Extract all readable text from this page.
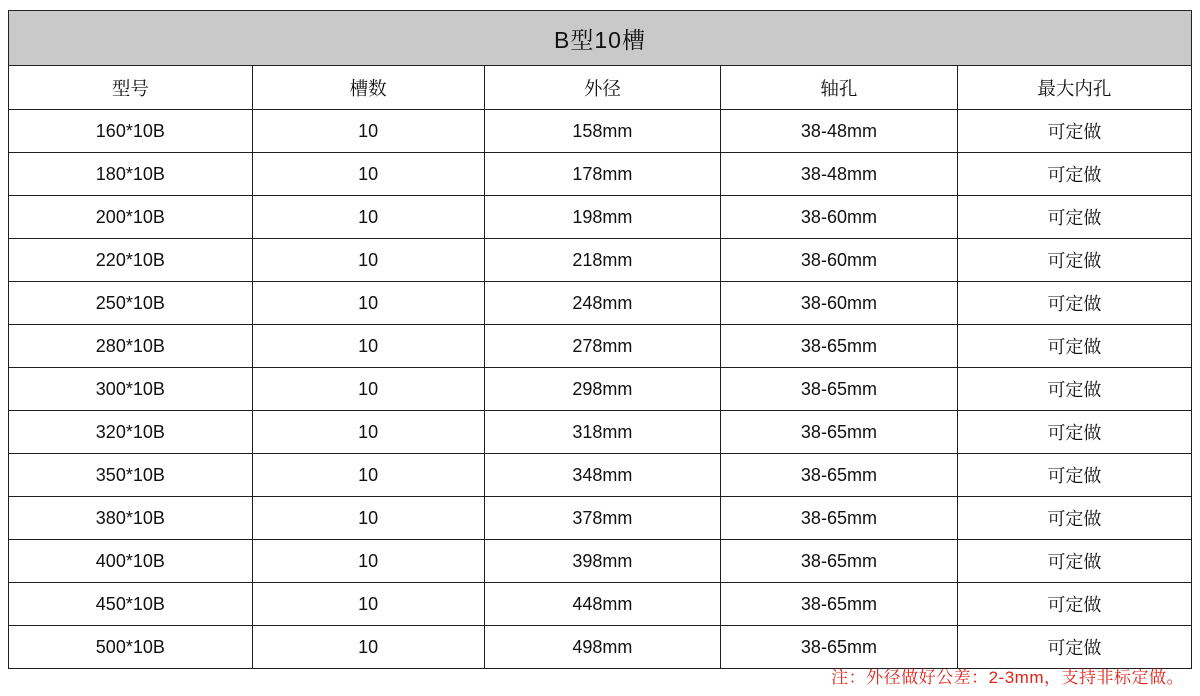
B型10槽				
型号	槽数	外径	轴孔	最大内孔
160*10B	10	158mm	38-48mm	可定做
180*10B	10	178mm	38-48mm	可定做
200*10B	10	198mm	38-60mm	可定做
220*10B	10	218mm	38-60mm	可定做
250*10B	10	248mm	38-60mm	可定做
280*10B	10	278mm	38-65mm	可定做
300*10B	10	298mm	38-65mm	可定做
320*10B	10	318mm	38-65mm	可定做
350*10B	10	348mm	38-65mm	可定做
380*10B	10	378mm	38-65mm	可定做
400*10B	10	398mm	38-65mm	可定做
450*10B	10	448mm	38-65mm	可定做
500*10B	10	498mm	38-65mm	可定做
注：外径做好公差：2-3mm，支持非标定做。
